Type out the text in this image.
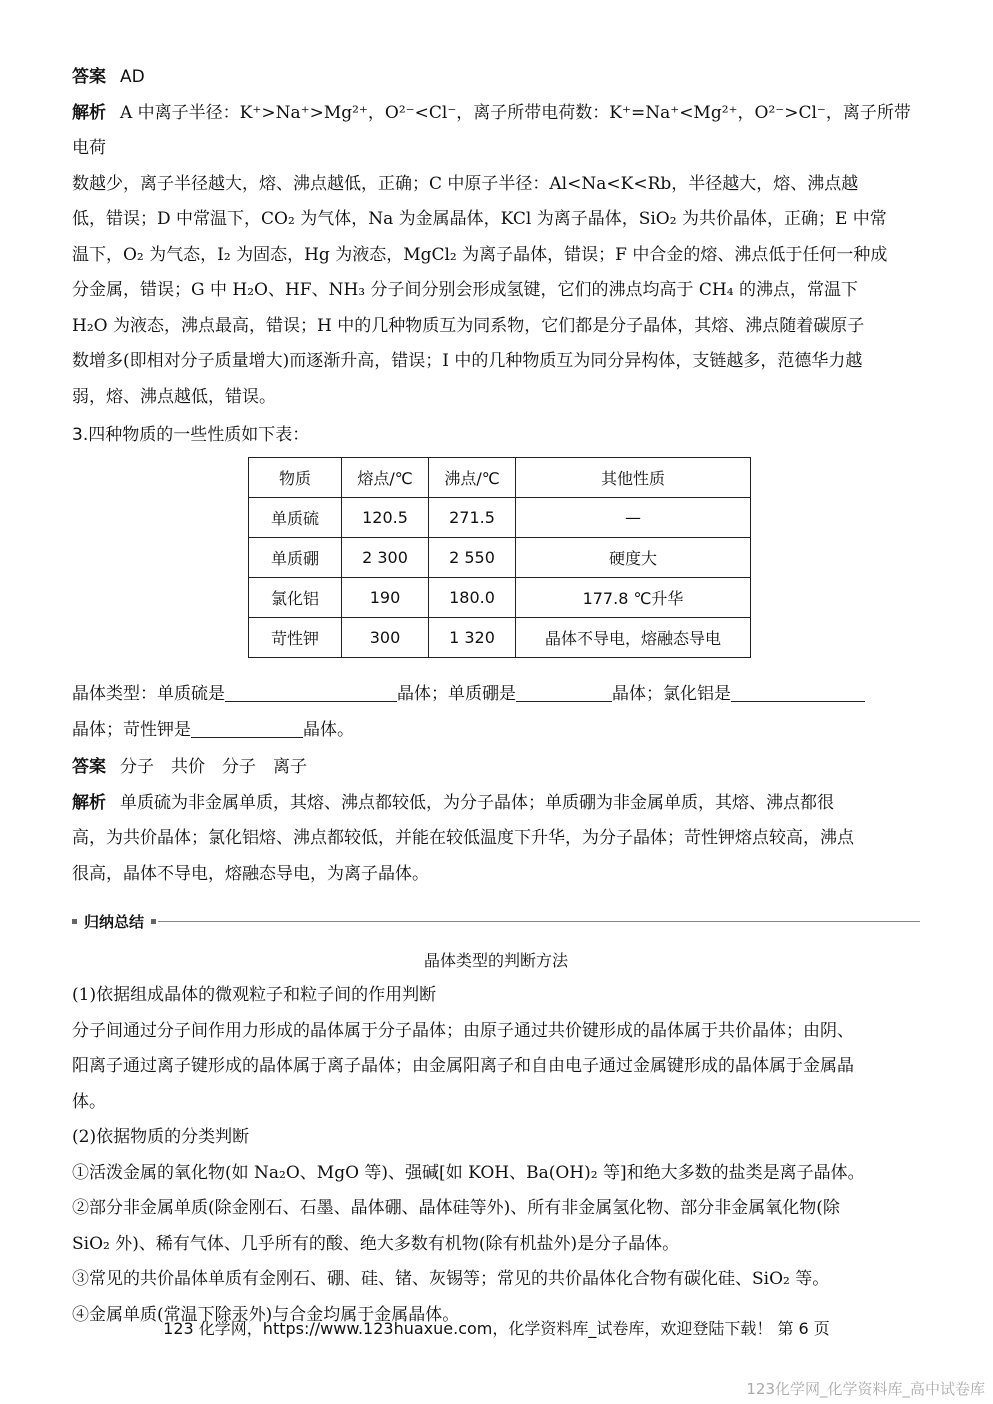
答案 AD

解析 A 中离子半径：K⁺>Na⁺>Mg²⁺，O²⁻<Cl⁻，离子所带电荷数：K⁺=Na⁺<Mg²⁺，O²⁻>Cl⁻，离子所带电荷

数越少，离子半径越大，熔、沸点越低，正确；C 中原子半径：Al<Na<K<Rb，半径越大，熔、沸点越

低，错误；D 中常温下，CO₂ 为气体，Na 为金属晶体，KCl 为离子晶体，SiO₂ 为共价晶体，正确；E 中常

温下，O₂ 为气态，I₂ 为固态，Hg 为液态，MgCl₂ 为离子晶体，错误；F 中合金的熔、沸点低于任何一种成

分金属，错误；G 中 H₂O、HF、NH₃ 分子间分别会形成氢键，它们的沸点均高于 CH₄ 的沸点，常温下

H₂O 为液态，沸点最高，错误；H 中的几种物质互为同系物，它们都是分子晶体，其熔、沸点随着碳原子

数增多(即相对分子质量增大)而逐渐升高，错误；I 中的几种物质互为同分异构体，支链越多，范德华力越

弱，熔、沸点越低，错误。

3.四种物质的一些性质如下表：

物质	熔点/℃	沸点/℃	其他性质
单质硫	120.5	271.5	—
单质硼	2 300	2 550	硬度大
氯化铝	190	180.0	177.8 ℃升华
苛性钾	300	1 320	晶体不导电，熔融态导电

晶体类型：单质硫是	晶体；单质硼是	晶体；氯化铝是

晶体；苛性钾是	晶体。

答案 分子　共价　分子　离子

解析 单质硫为非金属单质，其熔、沸点都较低，为分子晶体；单质硼为非金属单质，其熔、沸点都很

高，为共价晶体；氯化铝熔、沸点都较低，并能在较低温度下升华，为分子晶体；苛性钾熔点较高，沸点

很高，晶体不导电，熔融态导电，为离子晶体。

归纳总结

晶体类型的判断方法

(1)依据组成晶体的微观粒子和粒子间的作用判断

分子间通过分子间作用力形成的晶体属于分子晶体；由原子通过共价键形成的晶体属于共价晶体；由阴、

阳离子通过离子键形成的晶体属于离子晶体；由金属阳离子和自由电子通过金属键形成的晶体属于金属晶

体。

(2)依据物质的分类判断

①活泼金属的氧化物(如 Na₂O、MgO 等)、强碱[如 KOH、Ba(OH)₂ 等]和绝大多数的盐类是离子晶体。

②部分非金属单质(除金刚石、石墨、晶体硼、晶体硅等外)、所有非金属氢化物、部分非金属氧化物(除

SiO₂ 外)、稀有气体、几乎所有的酸、绝大多数有机物(除有机盐外)是分子晶体。

③常见的共价晶体单质有金刚石、硼、硅、锗、灰锡等；常见的共价晶体化合物有碳化硅、SiO₂ 等。

④金属单质(常温下除汞外)与合金均属于金属晶体。

123 化学网，https://www.123huaxue.com，化学资料库_试卷库，欢迎登陆下载！ 第 6 页
123化学网_化学资料库_高中试卷库
